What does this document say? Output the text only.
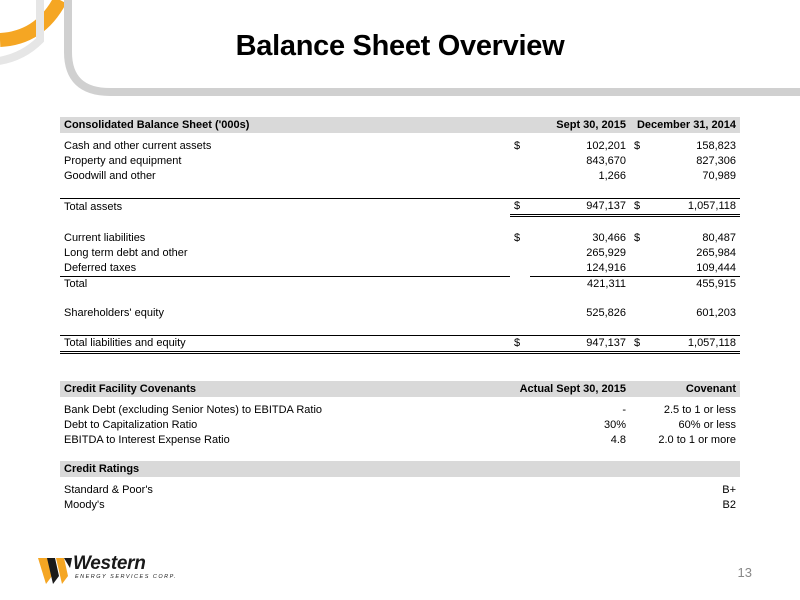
Balance Sheet Overview
Consolidated Balance Sheet ('000s)	Sept 30, 2015		December 31, 2014	

Cash and other current assets	$	102,201	$	158,823
Property and equipment		843,670		827,306
Goodwill and other		1,266		70,989

Total assets	$	947,137	$	1,057,118

Current liabilities	$	30,466	$	80,487
Long term debt and other		265,929		265,984
Deferred taxes		124,916		109,444
Total		421,311		455,915

Shareholders' equity		525,826		601,203

Total liabilities and equity	$	947,137	$	1,057,118
Credit Facility Covenants	Actual Sept 30, 2015	Covenant

Bank Debt (excluding Senior Notes) to EBITDA Ratio	-	2.5 to 1 or less
Debt to Capitalization Ratio	30%	60% or less
EBITDA to Interest Expense Ratio	4.8	2.0 to 1 or more
Credit Ratings	

Standard & Poor's	B+
Moody's	B2
Western
ENERGY SERVICES CORP.	13
